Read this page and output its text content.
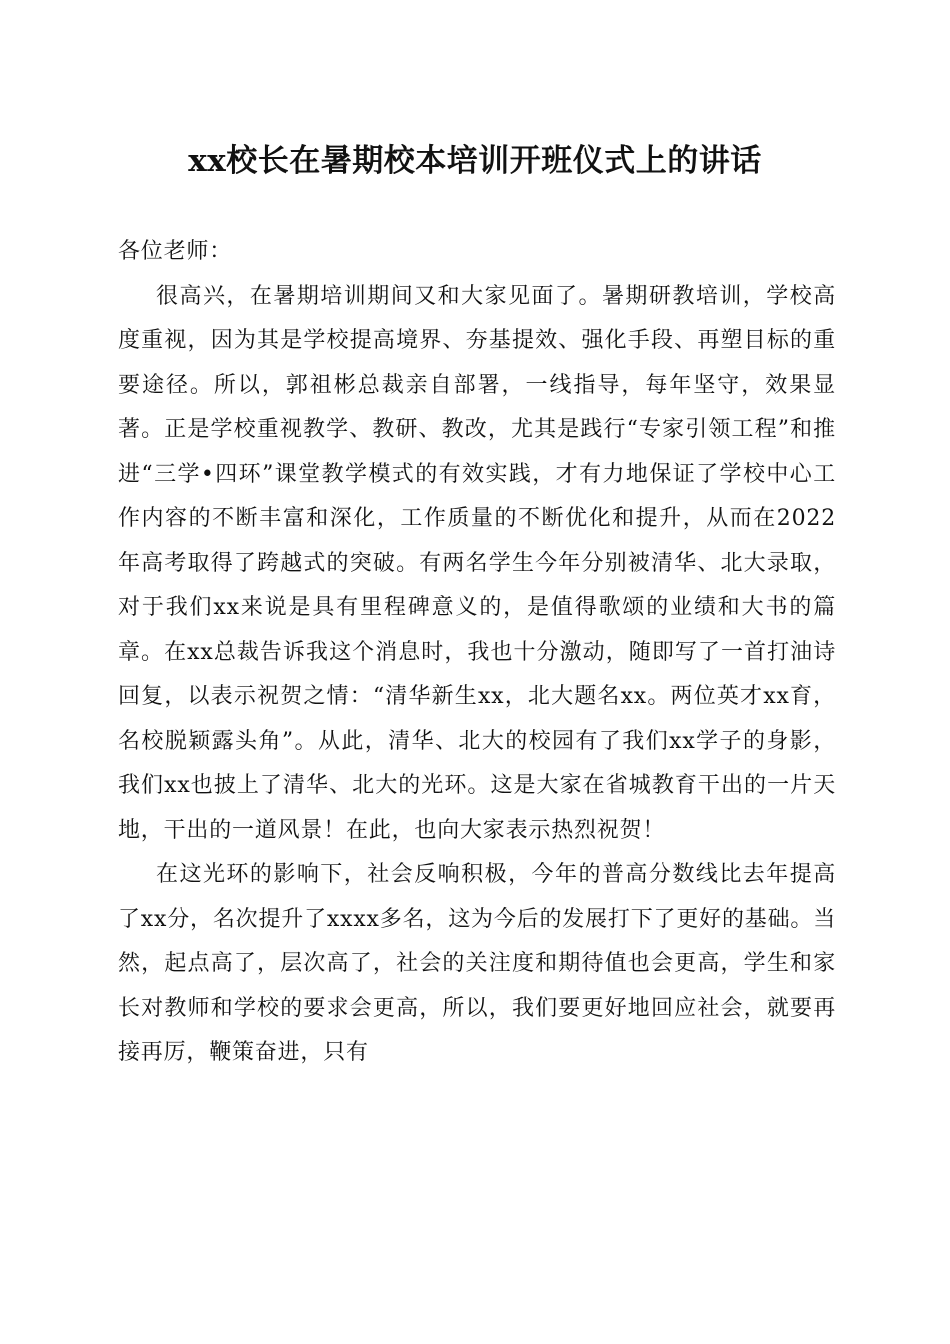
xx校长在暑期校本培训开班仪式上的讲话

各位老师：

很高兴，在暑期培训期间又和大家见面了。暑期研教培训，学校高度重视，因为其是学校提高境界、夯基提效、强化手段、再塑目标的重要途径。所以，郭祖彬总裁亲自部署，一线指导，每年坚守，效果显著。正是学校重视教学、教研、教改，尤其是践行“专家引领工程”和推进“三学•四环”课堂教学模式的有效实践，才有力地保证了学校中心工作内容的不断丰富和深化，工作质量的不断优化和提升，从而在2022年高考取得了跨越式的突破。有两名学生今年分别被清华、北大录取，对于我们xx来说是具有里程碑意义的，是值得歌颂的业绩和大书的篇章。在xx总裁告诉我这个消息时，我也十分激动，随即写了一首打油诗回复，以表示祝贺之情：“清华新生xx，北大题名xx。两位英才xx育，名校脱颖露头角”。从此，清华、北大的校园有了我们xx学子的身影，我们xx也披上了清华、北大的光环。这是大家在省城教育干出的一片天地，干出的一道风景！在此，也向大家表示热烈祝贺！

在这光环的影响下，社会反响积极，今年的普高分数线比去年提高了xx分，名次提升了xxxx多名，这为今后的发展打下了更好的基础。当然，起点高了，层次高了，社会的关注度和期待值也会更高，学生和家长对教师和学校的要求会更高，所以，我们要更好地回应社会，就要再接再厉，鞭策奋进，只有
